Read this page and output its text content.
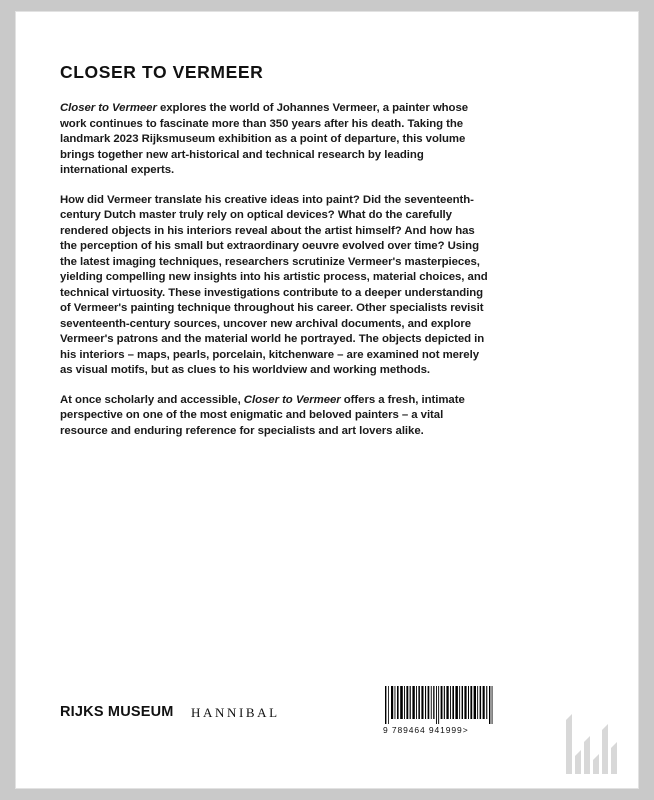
CLOSER TO VERMEER

Closer to Vermeer explores the world of Johannes Vermeer, a painter whose work continues to fascinate more than 350 years after his death. Taking the landmark 2023 Rijksmuseum exhibition as a point of departure, this volume brings together new art-historical and technical research by leading international experts.

How did Vermeer translate his creative ideas into paint? Did the seventeenth-century Dutch master truly rely on optical devices? What do the carefully rendered objects in his interiors reveal about the artist himself? And how has the perception of his small but extraordinary oeuvre evolved over time? Using the latest imaging techniques, researchers scrutinize Vermeer's masterpieces, yielding compelling new insights into his artistic process, material choices, and technical virtuosity. These investigations contribute to a deeper understanding of Vermeer's painting technique throughout his career. Other specialists revisit seventeenth-century sources, uncover new archival documents, and explore Vermeer's patrons and the material world he portrayed. The objects depicted in his interiors – maps, pearls, porcelain, kitchenware – are examined not merely as visual motifs, but as clues to his worldview and working methods.

At once scholarly and accessible, Closer to Vermeer offers a fresh, intimate perspective on one of the most enigmatic and beloved painters – a vital resource and enduring reference for specialists and art lovers alike.

RIJKS MUSEUM HANNIBAL
9 789464 941999>
